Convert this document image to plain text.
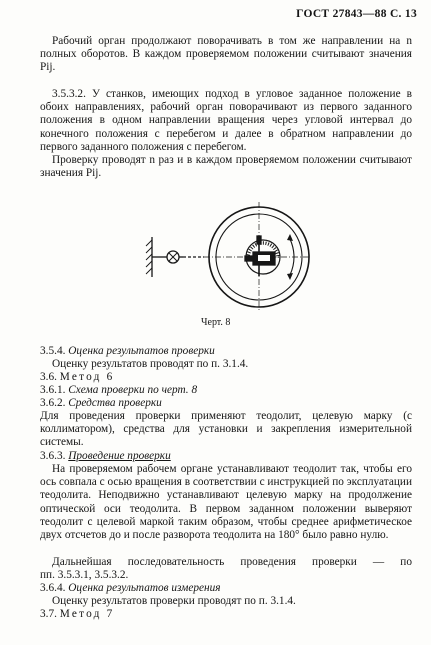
ГОСТ 27843—88 С. 13
Рабочий орган продолжают поворачивать в том же направлении на n полных оборотов. В каждом проверяемом положении считывают значения Pij.
3.5.3.2. У станков, имеющих подход в угловое заданное положение в обоих направлениях, рабочий орган поворачивают из первого заданного положения в одном направлении вращения через угловой интервал до конечного положения с перебегом и далее в обратном направлении до первого заданного положения с перебегом.
Проверку проводят n раз и в каждом проверяемом положении считывают значения Pij.
Черт. 8
3.5.4. Оценка результатов проверки
Оценку результатов проводят по п. 3.1.4.
3.6. Метод 6
3.6.1. Схема проверки по черт. 8
3.6.2. Средства проверки
Для проведения проверки применяют теодолит, целевую марку (с коллиматором), средства для установки и закрепления измерительной системы.
3.6.3. Проведение проверки
На проверяемом рабочем органе устанавливают теодолит так, чтобы его ось совпала с осью вращения в соответствии с инструкцией по эксплуатации теодолита. Неподвижно устанавливают целевую марку на продолжение оптической оси теодолита. В первом заданном положении выверяют теодолит с целевой маркой таким образом, чтобы среднее арифметическое двух отсчетов до и после разворота теодолита на 180° было равно нулю.
Дальнейшая последовательность проведения проверки — по
пп. 3.5.3.1, 3.5.3.2.
3.6.4. Оценка результатов измерения
Оценку результатов проверки проводят по п. 3.1.4.
3.7. Метод 7
